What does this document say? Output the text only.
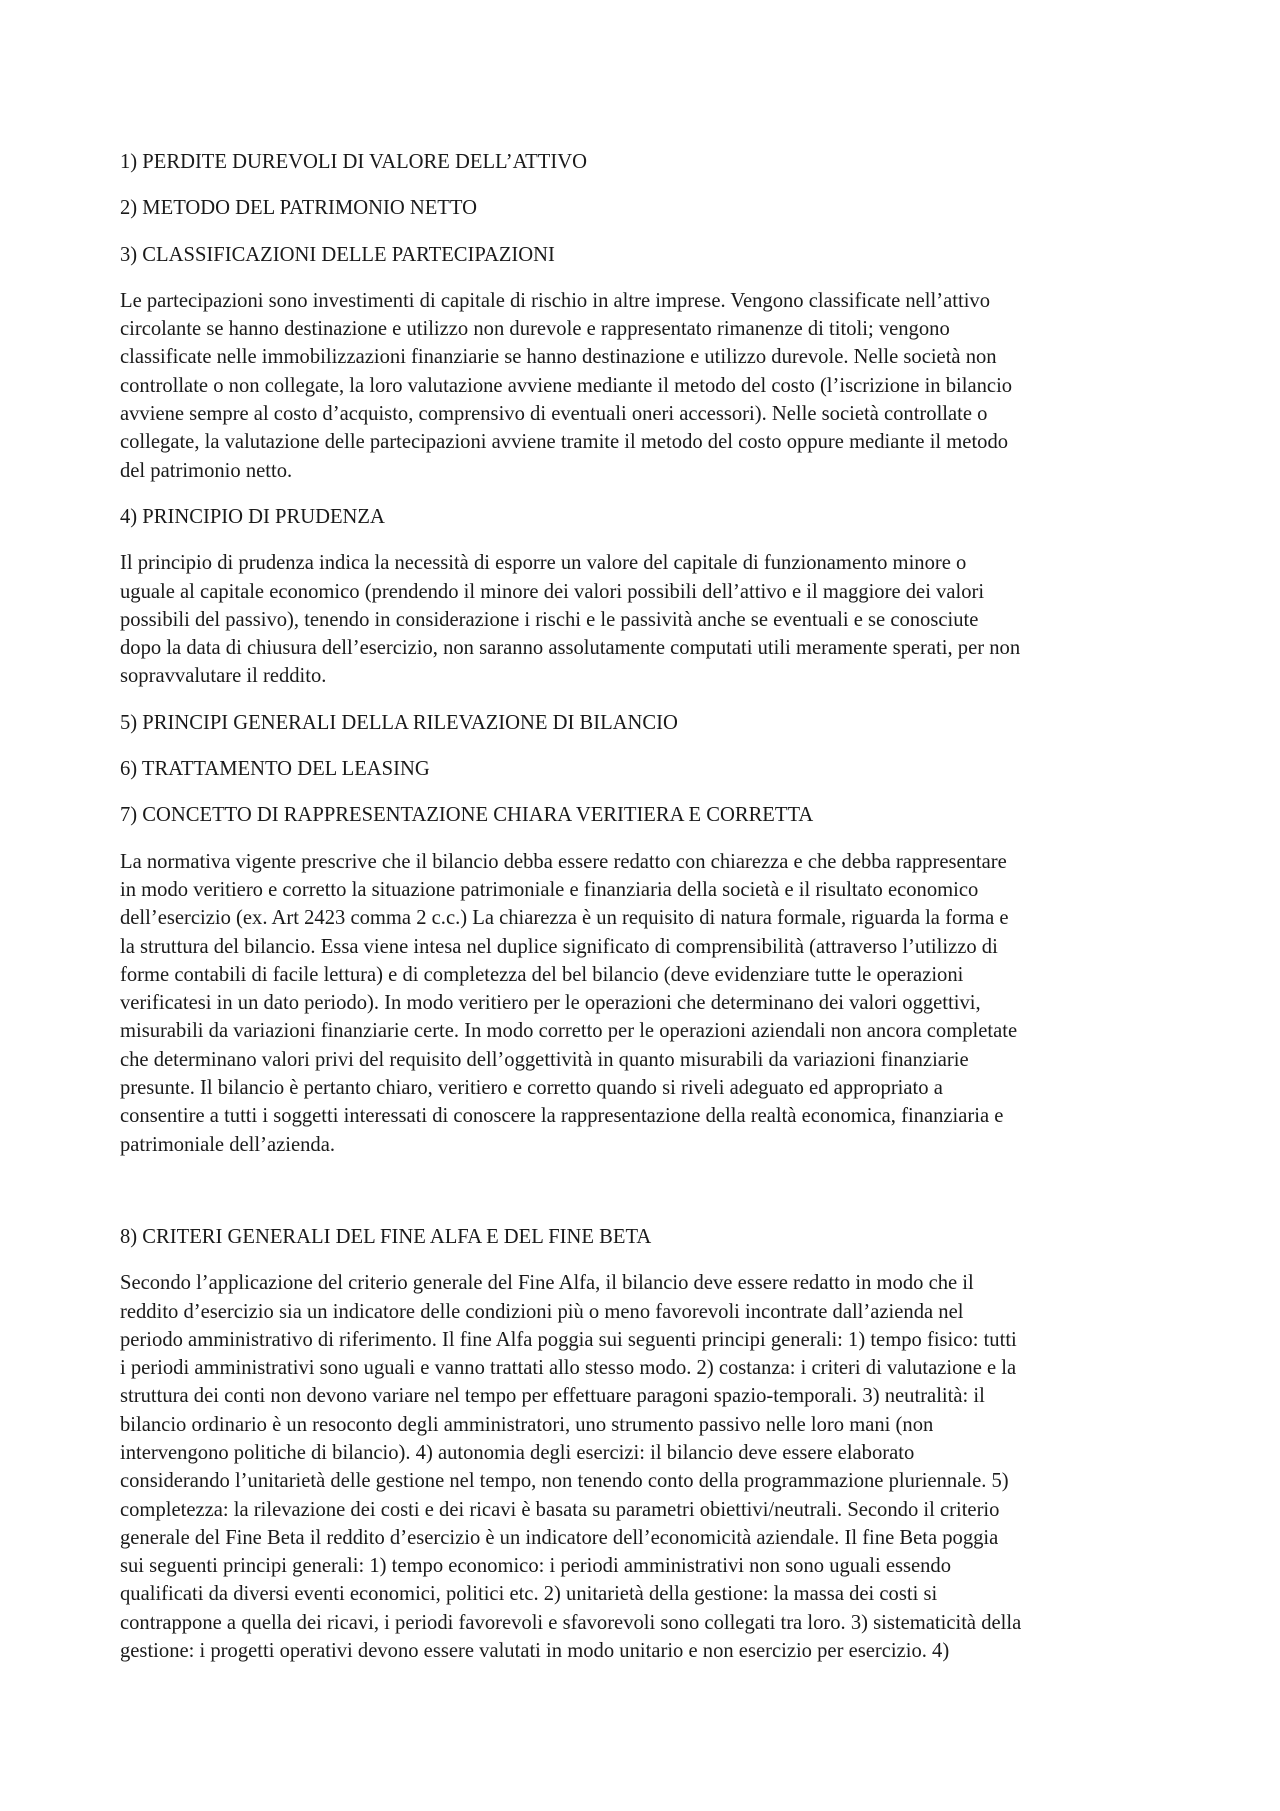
1) PERDITE DUREVOLI DI VALORE DELL’ATTIVO
2) METODO DEL PATRIMONIO NETTO
3) CLASSIFICAZIONI DELLE PARTECIPAZIONI
Le partecipazioni sono investimenti di capitale di rischio in altre imprese. Vengono classificate nell’attivo
circolante se hanno destinazione e utilizzo non durevole e rappresentato rimanenze di titoli; vengono
classificate nelle immobilizzazioni finanziarie se hanno destinazione e utilizzo durevole. Nelle società non
controllate o non collegate, la loro valutazione avviene mediante il metodo del costo (l’iscrizione in bilancio
avviene sempre al costo d’acquisto, comprensivo di eventuali oneri accessori). Nelle società controllate o
collegate, la valutazione delle partecipazioni avviene tramite il metodo del costo oppure mediante il metodo
del patrimonio netto.
4) PRINCIPIO DI PRUDENZA
Il principio di prudenza indica la necessità di esporre un valore del capitale di funzionamento minore o
uguale al capitale economico (prendendo il minore dei valori possibili dell’attivo e il maggiore dei valori
possibili del passivo), tenendo in considerazione i rischi e le passività anche se eventuali e se conosciute
dopo la data di chiusura dell’esercizio, non saranno assolutamente computati utili meramente sperati, per non
sopravvalutare il reddito.
5) PRINCIPI GENERALI DELLA RILEVAZIONE DI BILANCIO
6) TRATTAMENTO DEL LEASING
7) CONCETTO DI RAPPRESENTAZIONE CHIARA VERITIERA E CORRETTA
La normativa vigente prescrive che il bilancio debba essere redatto con chiarezza e che debba rappresentare
in modo veritiero e corretto la situazione patrimoniale e finanziaria della società e il risultato economico
dell’esercizio (ex. Art 2423 comma 2 c.c.) La chiarezza è un requisito di natura formale, riguarda la forma e
la struttura del bilancio. Essa viene intesa nel duplice significato di comprensibilità (attraverso l’utilizzo di
forme contabili di facile lettura) e di completezza del bel bilancio (deve evidenziare tutte le operazioni
verificatesi in un dato periodo). In modo veritiero per le operazioni che determinano dei valori oggettivi,
misurabili da variazioni finanziarie certe. In modo corretto per le operazioni aziendali non ancora completate
che determinano valori privi del requisito dell’oggettività in quanto misurabili da variazioni finanziarie
presunte. Il bilancio è pertanto chiaro, veritiero e corretto quando si riveli adeguato ed appropriato a
consentire a tutti i soggetti interessati di conoscere la rappresentazione della realtà economica, finanziaria e
patrimoniale dell’azienda.
8) CRITERI GENERALI DEL FINE ALFA E DEL FINE BETA
Secondo l’applicazione del criterio generale del Fine Alfa, il bilancio deve essere redatto in modo che il
reddito d’esercizio sia un indicatore delle condizioni più o meno favorevoli incontrate dall’azienda nel
periodo amministrativo di riferimento. Il fine Alfa poggia sui seguenti principi generali: 1) tempo fisico: tutti
i periodi amministrativi sono uguali e vanno trattati allo stesso modo. 2) costanza: i criteri di valutazione e la
struttura dei conti non devono variare nel tempo per effettuare paragoni spazio-temporali. 3) neutralità: il
bilancio ordinario è un resoconto degli amministratori, uno strumento passivo nelle loro mani (non
intervengono politiche di bilancio). 4) autonomia degli esercizi: il bilancio deve essere elaborato
considerando l’unitarietà delle gestione nel tempo, non tenendo conto della programmazione pluriennale. 5)
completezza: la rilevazione dei costi e dei ricavi è basata su parametri obiettivi/neutrali. Secondo il criterio
generale del Fine Beta il reddito d’esercizio è un indicatore dell’economicità aziendale. Il fine Beta poggia
sui seguenti principi generali: 1) tempo economico: i periodi amministrativi non sono uguali essendo
qualificati da diversi eventi economici, politici etc. 2) unitarietà della gestione: la massa dei costi si
contrappone a quella dei ricavi, i periodi favorevoli e sfavorevoli sono collegati tra loro. 3) sistematicità della
gestione: i progetti operativi devono essere valutati in modo unitario e non esercizio per esercizio. 4)
